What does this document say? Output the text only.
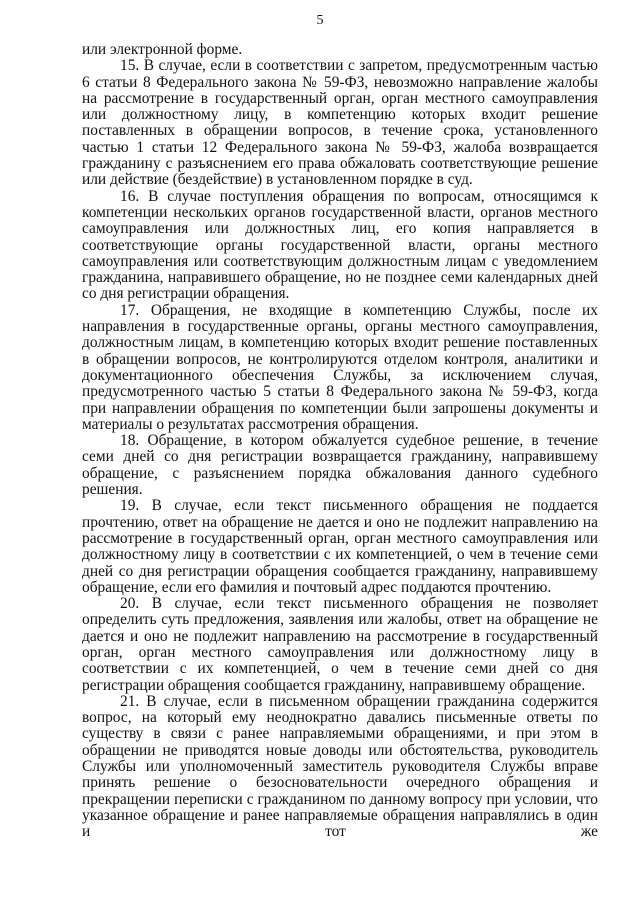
5

или электронной форме.

15. В случае, если в соответствии с запретом, предусмотренным частью 6 статьи 8 Федерального закона № 59-ФЗ, невозможно направление жалобы на рассмотрение в государственный орган, орган местного самоуправления или должностному лицу, в компетенцию которых входит решение поставленных в обращении вопросов, в течение срока, установленного частью 1 статьи 12 Федерального закона № 59-ФЗ, жалоба возвращается гражданину с разъяснением его права обжаловать соответствующие решение или действие (бездействие) в установленном порядке в суд.

16. В случае поступления обращения по вопросам, относящимся к компетенции нескольких органов государственной власти, органов местного самоуправления или должностных лиц, его копия направляется в соответствующие органы государственной власти, органы местного самоуправления или соответствующим должностным лицам с уведомлением гражданина, направившего обращение, но не позднее семи календарных дней со дня регистрации обращения.

17. Обращения, не входящие в компетенцию Службы, после их направления в государственные органы, органы местного самоуправления, должностным лицам, в компетенцию которых входит решение поставленных в обращении вопросов, не контролируются отделом контроля, аналитики и документационного обеспечения Службы, за исключением случая, предусмотренного частью 5 статьи 8 Федерального закона № 59-ФЗ, когда при направлении обращения по компетенции были запрошены документы и материалы о результатах рассмотрения обращения.

18. Обращение, в котором обжалуется судебное решение, в течение семи дней со дня регистрации возвращается гражданину, направившему обращение, с разъяснением порядка обжалования данного судебного решения.

19. В случае, если текст письменного обращения не поддается прочтению, ответ на обращение не дается и оно не подлежит направлению на рассмотрение в государственный орган, орган местного самоуправления или должностному лицу в соответствии с их компетенцией, о чем в течение семи дней со дня регистрации обращения сообщается гражданину, направившему обращение, если его фамилия и почтовый адрес поддаются прочтению.

20. В случае, если текст письменного обращения не позволяет определить суть предложения, заявления или жалобы, ответ на обращение не дается и оно не подлежит направлению на рассмотрение в государственный орган, орган местного самоуправления или должностному лицу в соответствии с их компетенцией, о чем в течение семи дней со дня регистрации обращения сообщается гражданину, направившему обращение.

21. В случае, если в письменном обращении гражданина содержится вопрос, на который ему неоднократно давались письменные ответы по существу в связи с ранее направляемыми обращениями, и при этом в обращении не приводятся новые доводы или обстоятельства, руководитель Службы или уполномоченный заместитель руководителя Службы вправе принять решение о безосновательности очередного обращения и прекращении переписки с гражданином по данному вопросу при условии, что указанное обращение и ранее направляемые обращения направлялись в один и тот же
